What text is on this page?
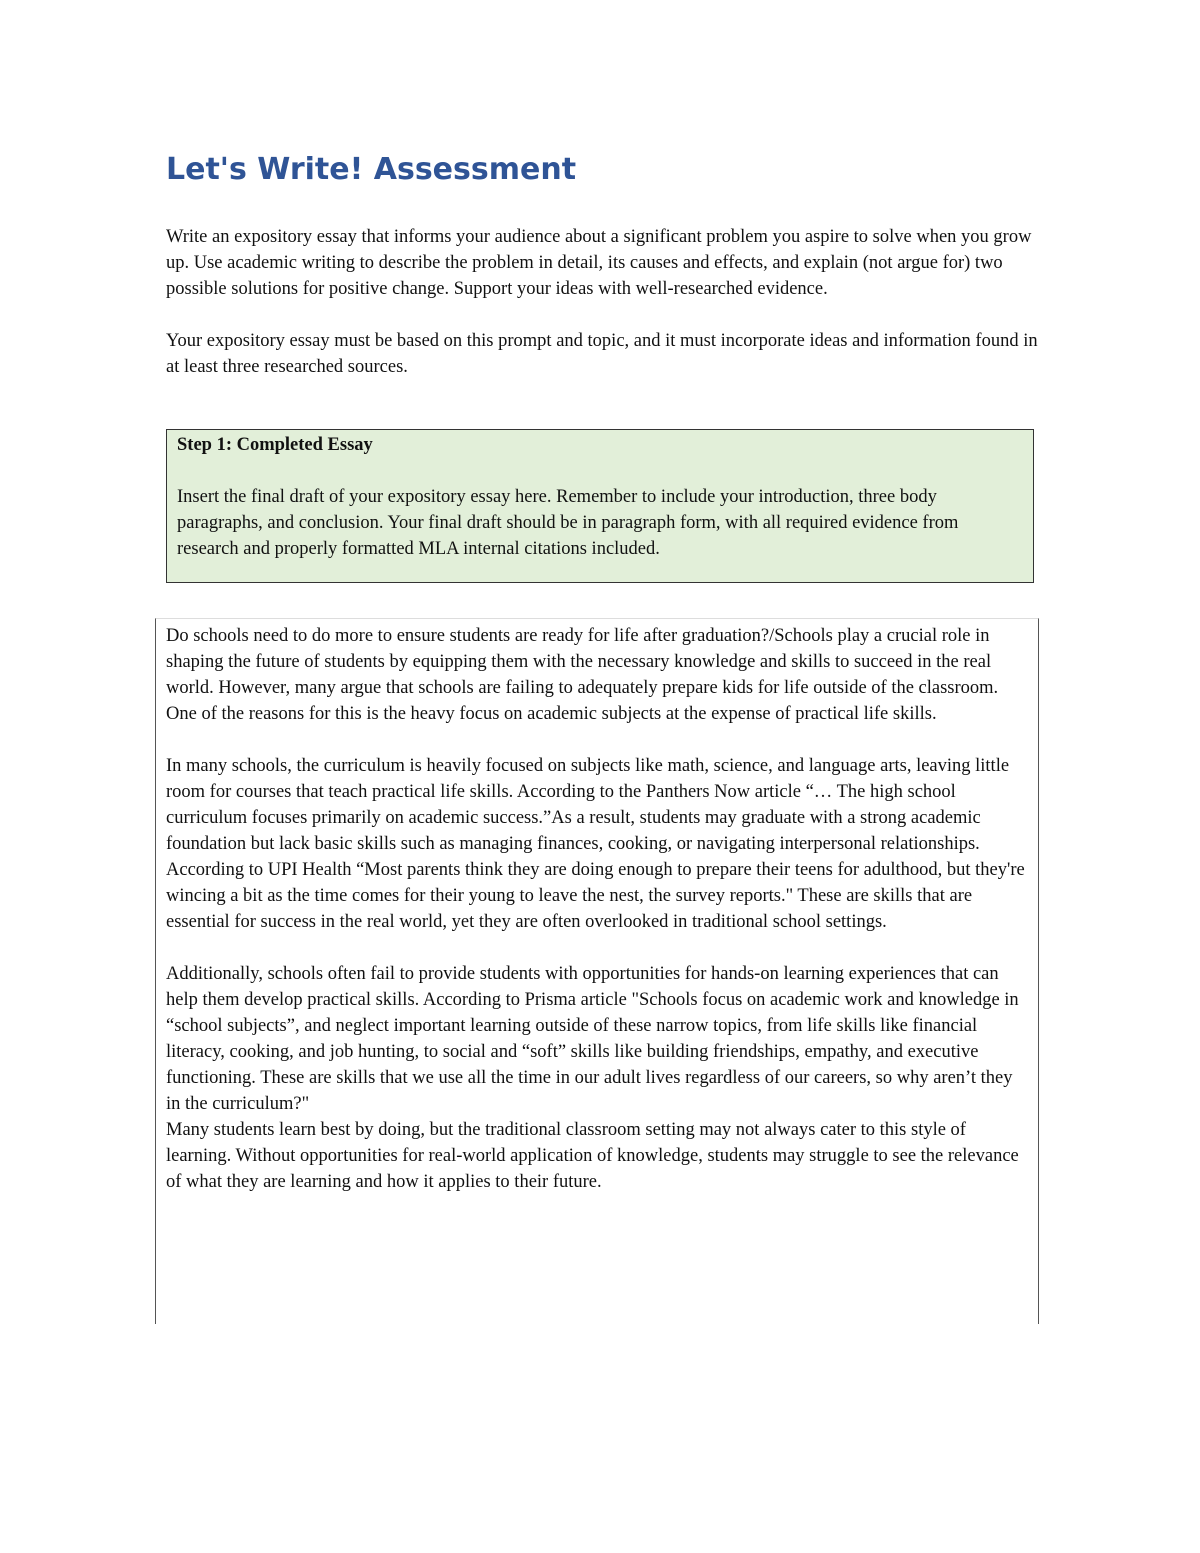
Let's Write! Assessment

Write an expository essay that informs your audience about a significant problem you aspire to solve when you grow up. Use academic writing to describe the problem in detail, its causes and effects, and explain (not argue for) two possible solutions for positive change. Support your ideas with well-researched evidence.

Your expository essay must be based on this prompt and topic, and it must incorporate ideas and information found in at least three researched sources.

Step 1: Completed Essay

Insert the final draft of your expository essay here. Remember to include your introduction, three body paragraphs, and conclusion. Your final draft should be in paragraph form, with all required evidence from research and properly formatted MLA internal citations included.

Do schools need to do more to ensure students are ready for life after graduation?/Schools play a crucial role in shaping the future of students by equipping them with the necessary knowledge and skills to succeed in the real world. However, many argue that schools are failing to adequately prepare kids for life outside of the classroom. One of the reasons for this is the heavy focus on academic subjects at the expense of practical life skills.

In many schools, the curriculum is heavily focused on subjects like math, science, and language arts, leaving little room for courses that teach practical life skills. According to the Panthers Now article “… The high school curriculum focuses primarily on academic success.”As a result, students may graduate with a strong academic foundation but lack basic skills such as managing finances, cooking, or navigating interpersonal relationships. According to UPI Health “Most parents think they are doing enough to prepare their teens for adulthood, but they're wincing a bit as the time comes for their young to leave the nest, the survey reports." These are skills that are essential for success in the real world, yet they are often overlooked in traditional school settings.

Additionally, schools often fail to provide students with opportunities for hands-on learning experiences that can help them develop practical skills. According to Prisma article "Schools focus on academic work and knowledge in “school subjects”, and neglect important learning outside of these narrow topics, from life skills like financial literacy, cooking, and job hunting, to social and “soft” skills like building friendships, empathy, and executive functioning. These are skills that we use all the time in our adult lives regardless of our careers, so why aren’t they in the curriculum?"

Many students learn best by doing, but the traditional classroom setting may not always cater to this style of learning. Without opportunities for real-world application of knowledge, students may struggle to see the relevance of what they are learning and how it applies to their future.
